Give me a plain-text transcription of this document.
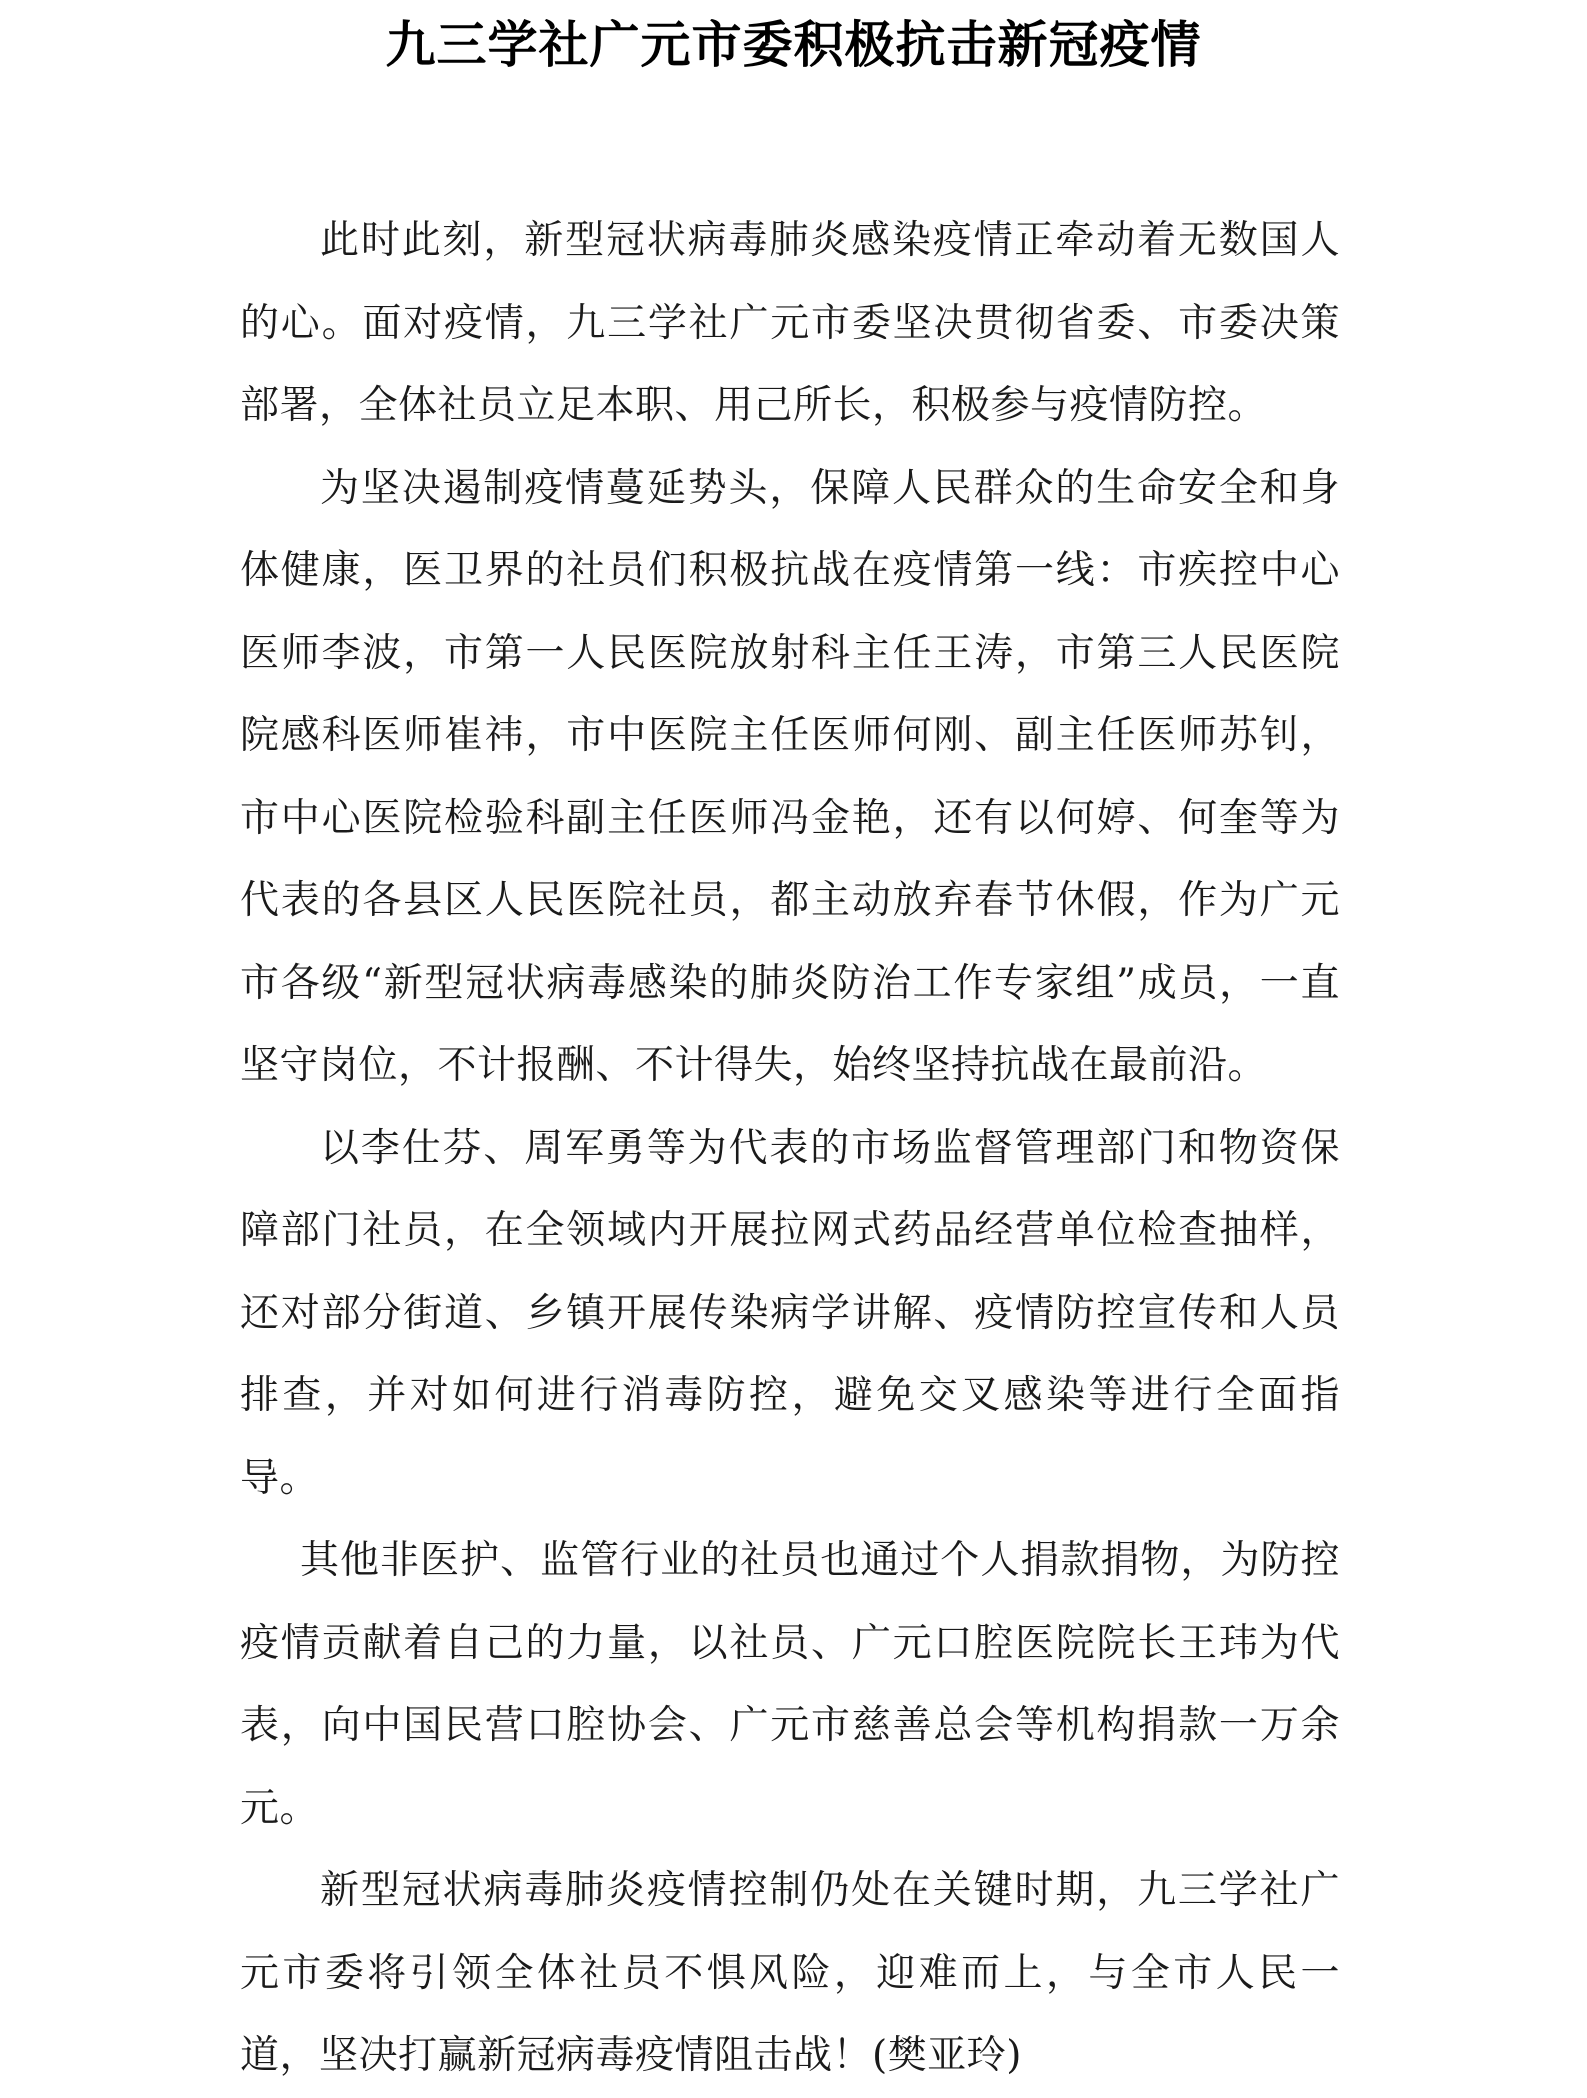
九三学社广元市委积极抗击新冠疫情

此时此刻，新型冠状病毒肺炎感染疫情正牵动着无数国人的心。面对疫情，九三学社广元市委坚决贯彻省委、市委决策部署，全体社员立足本职、用己所长，积极参与疫情防控。

为坚决遏制疫情蔓延势头，保障人民群众的生命安全和身体健康，医卫界的社员们积极抗战在疫情第一线：市疾控中心医师李波，市第一人民医院放射科主任王涛，市第三人民医院院感科医师崔祎，市中医院主任医师何刚、副主任医师苏钊，市中心医院检验科副主任医师冯金艳，还有以何婷、何奎等为代表的各县区人民医院社员，都主动放弃春节休假，作为广元市各级“新型冠状病毒感染的肺炎防治工作专家组”成员，一直坚守岗位，不计报酬、不计得失，始终坚持抗战在最前沿。

以李仕芬、周军勇等为代表的市场监督管理部门和物资保障部门社员，在全领域内开展拉网式药品经营单位检查抽样，还对部分街道、乡镇开展传染病学讲解、疫情防控宣传和人员排查，并对如何进行消毒防控，避免交叉感染等进行全面指导。

其他非医护、监管行业的社员也通过个人捐款捐物，为防控疫情贡献着自己的力量，以社员、广元口腔医院院长王玮为代表，向中国民营口腔协会、广元市慈善总会等机构捐款一万余元。

新型冠状病毒肺炎疫情控制仍处在关键时期，九三学社广元市委将引领全体社员不惧风险，迎难而上，与全市人民一道，坚决打赢新冠病毒疫情阻击战！(樊亚玲)
